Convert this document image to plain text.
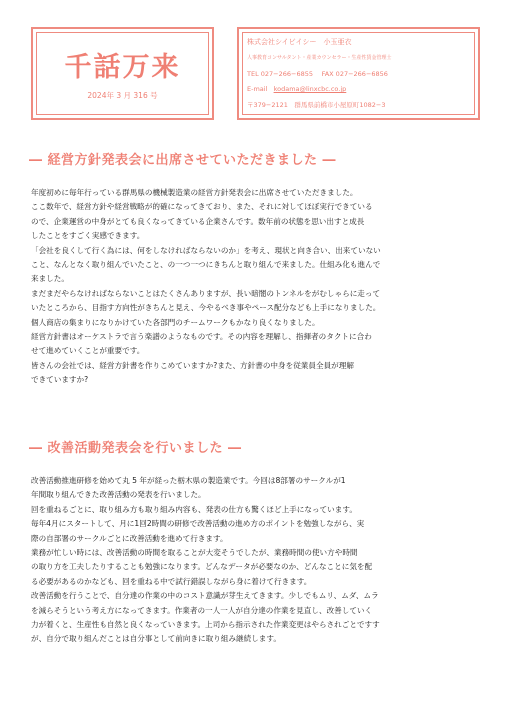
千話万来
2024年 3 月 316 号
株式会社シイビイシー　小玉亜衣
人事教育コンサルタント・産業カウンセラー・生産性賃金管理士
TEL 027−266−6855　 FAX 027−266−6856
E-mail kodama@linxcbc.co.jp
〒379−2121　群馬県前橋市小屋原町1082−3
― 経営方針発表会に出席させていただきました ―

年度初めに毎年行っている群馬県の機械製造業の経営方針発表会に出席させていただきました。

ここ数年で、経営方針や経営戦略が的確になってきており、また、それに対してほぼ実行できている

ので、企業運営の中身がとても良くなってきている企業さんです。数年前の状態を思い出すと成長

したことをすごく実感できます。

「会社を良くして行く為には、何をしなければならないのか」を考え、現状と向き合い、出来ていない

こと、なんとなく取り組んでいたこと、の一つ一つにきちんと取り組んで来ました。仕組み化も進んで

来ました。

まだまだやらなければならないことはたくさんありますが、長い暗闇のトンネルをがむしゃらに走って

いたところから、目指す方向性がきちんと見え、今やるべき事やペース配分なども上手になりました。

個人商店の集まりになりかけていた各部門のチームワークもかなり良くなりました。

経営方針書はオーケストラで言う楽譜のようなものです。その内容を理解し、指揮者のタクトに合わ

せて進めていくことが重要です。

皆さんの会社では、経営方針書を作りこめていますか?また、方針書の中身を従業員全員が理解

できていますか?

― 改善活動発表会を行いました ―

改善活動推進研修を始めて丸 5 年が経った栃木県の製造業です。今回は8部署のサークルが1

年間取り組んできた改善活動の発表を行いました。

回を重ねるごとに、取り組み方も取り組み内容も、発表の仕方も驚くほど上手になっています。

毎年4月にスタートして、月に1回2時間の研修で改善活動の進め方のポイントを勉強しながら、実

際の自部署のサークルごとに改善活動を進めて行きます。

業務が忙しい時には、改善活動の時間を取ることが大変そうでしたが、業務時間の使い方や時間

の取り方を工夫したりすることも勉強になります。どんなデータが必要なのか、どんなことに気を配

る必要があるのかなども、回を重ねる中で試行錯誤しながら身に着けて行きます。

改善活動を行うことで、自分達の作業の中のコスト意識が芽生えてきます。少しでもムリ、ムダ、ムラ

を減らそうという考え方になってきます。作業者の一人一人が自分達の作業を見直し、改善していく

力が着くと、生産性も自然と良くなっていきます。上司から指示された作業変更はやらされごとですす

が、自分で取り組んだことは自分事として前向きに取り組み継続します。
